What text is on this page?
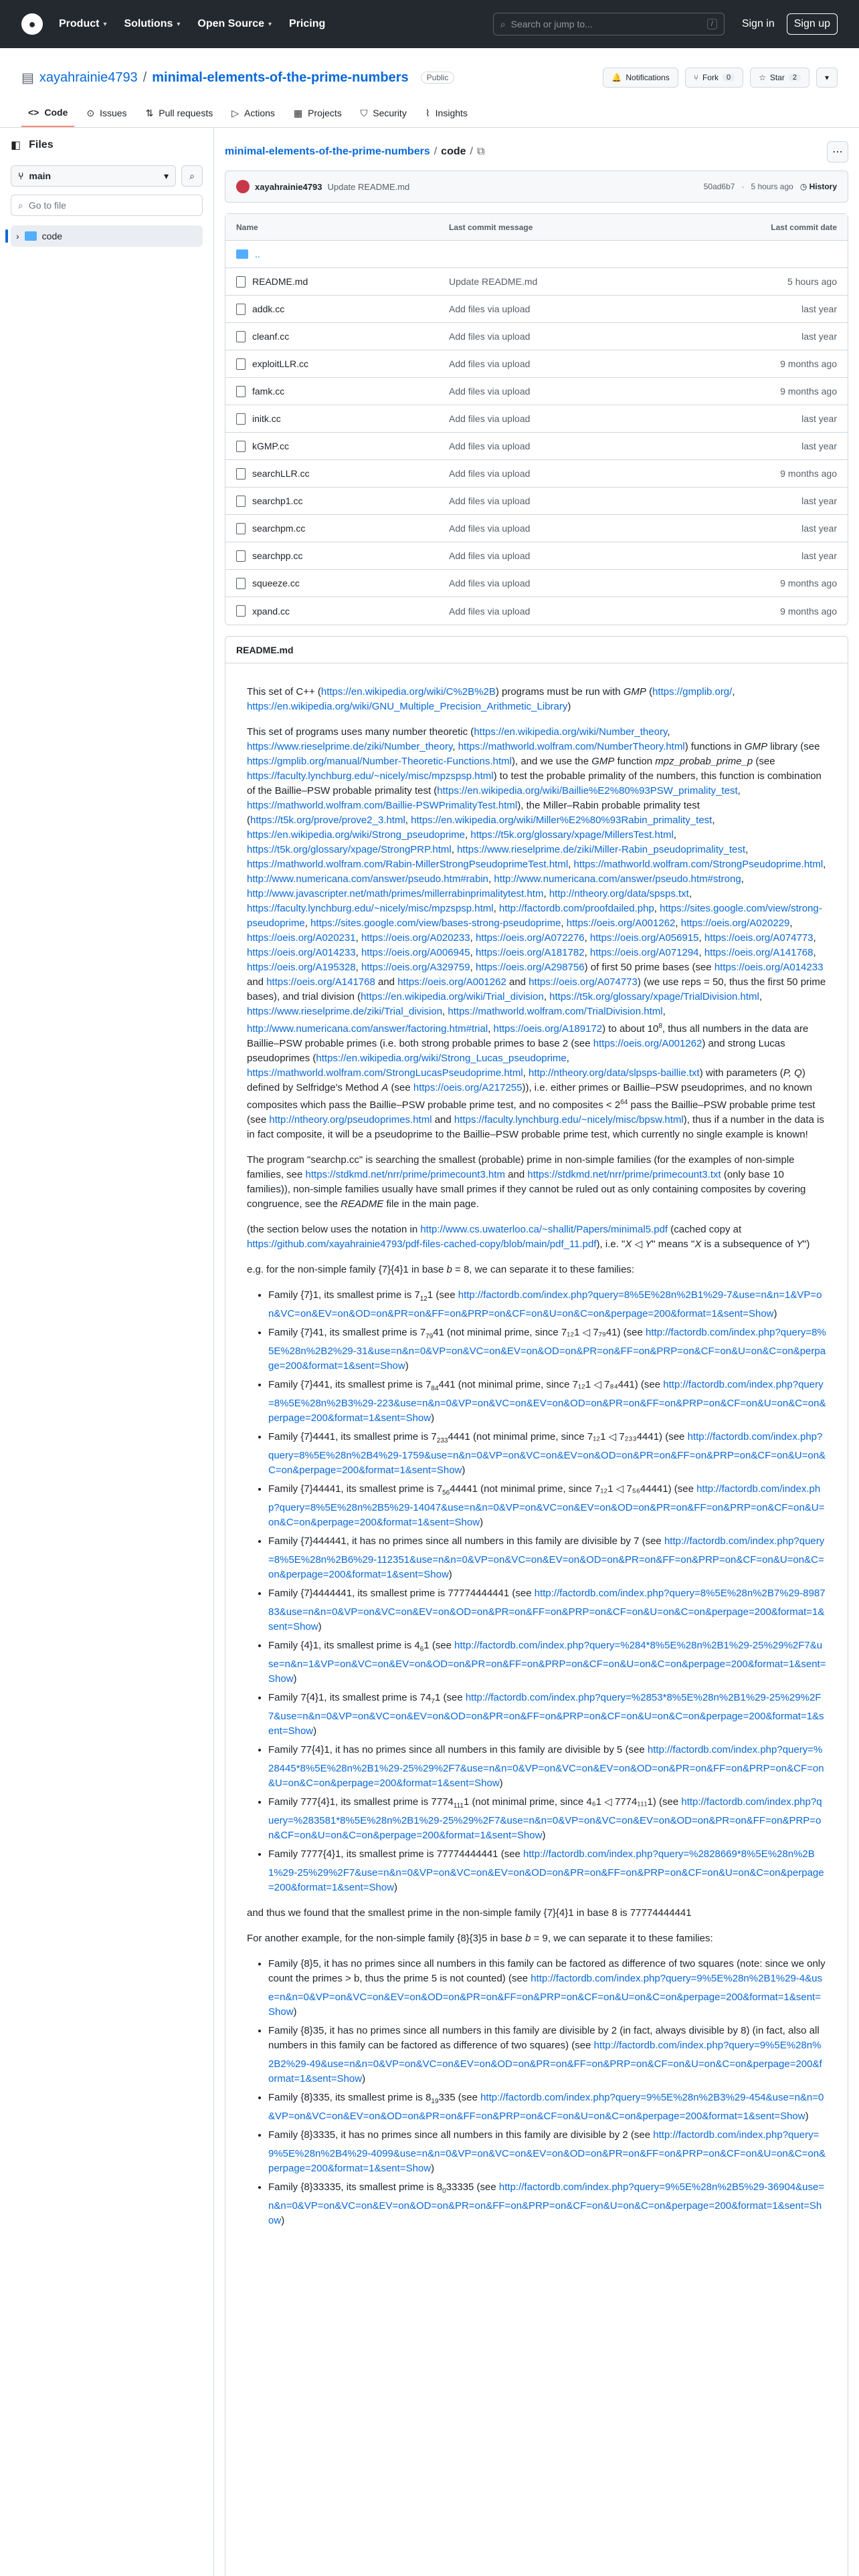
●	Product ▾ Solutions ▾ Open Source ▾ Pricing	⌕ Search or jump to...	/	Sign in	Sign up
▤ xayahrainie4793 / minimal-elements-of-the-prime-numbers	Public	🔔 Notifications	⑂ Fork	0	☆ Star	2	▾
<> Code ⊙ Issues ⇅ Pull requests ▷ Actions ▦ Projects ⛉ Security ⌇ Insights
◧ Files
⑂ main	▾ ⌕
⌕ Go to file
› code
minimal-elements-of-the-prime-numbers / code / ⧉	⋯
xayahrainie4793 Update README.md	50ad6b7 · 5 hours ago ◷ History
Name	Last commit message	Last commit date

..		

README.md	Update README.md	5 hours ago

addk.cc	Add files via upload	last year

cleanf.cc	Add files via upload	last year

exploitLLR.cc	Add files via upload	9 months ago

famk.cc	Add files via upload	9 months ago

initk.cc	Add files via upload	last year

kGMP.cc	Add files via upload	last year

searchLLR.cc	Add files via upload	9 months ago

searchp1.cc	Add files via upload	last year

searchpm.cc	Add files via upload	last year

searchpp.cc	Add files via upload	last year

squeeze.cc	Add files via upload	9 months ago

xpand.cc	Add files via upload	9 months ago
README.md

This set of C++ (https://en.wikipedia.org/wiki/C%2B%2B) programs must be run with GMP (https://gmplib.org/, https://en.wikipedia.org/wiki/GNU_Multiple_Precision_Arithmetic_Library)

This set of programs uses many number theoretic (https://en.wikipedia.org/wiki/Number_theory, https://www.rieselprime.de/ziki/Number_theory, https://mathworld.wolfram.com/NumberTheory.html) functions in GMP library (see https://gmplib.org/manual/Number-Theoretic-Functions.html), and we use the GMP function mpz_probab_prime_p (see https://faculty.lynchburg.edu/~nicely/misc/mpzspsp.html) to test the probable primality of the numbers, this function is combination of the Baillie–PSW probable primality test (https://en.wikipedia.org/wiki/Baillie%E2%80%93PSW_primality_test, https://mathworld.wolfram.com/Baillie-PSWPrimalityTest.html), the Miller–Rabin probable primality test (https://t5k.org/prove/prove2_3.html, https://en.wikipedia.org/wiki/Miller%E2%80%93Rabin_primality_test, https://en.wikipedia.org/wiki/Strong_pseudoprime, https://t5k.org/glossary/xpage/MillersTest.html, https://t5k.org/glossary/xpage/StrongPRP.html, https://www.rieselprime.de/ziki/Miller-Rabin_pseudoprimality_test, https://mathworld.wolfram.com/Rabin-MillerStrongPseudoprimeTest.html, https://mathworld.wolfram.com/StrongPseudoprime.html, http://www.numericana.com/answer/pseudo.htm#rabin, http://www.numericana.com/answer/pseudo.htm#strong, http://www.javascripter.net/math/primes/millerrabinprimalitytest.htm, http://ntheory.org/data/spsps.txt, https://faculty.lynchburg.edu/~nicely/misc/mpzspsp.html, http://factordb.com/proofdailed.php, https://sites.google.com/view/strong-pseudoprime, https://sites.google.com/view/bases-strong-pseudoprime, https://oeis.org/A001262, https://oeis.org/A020229, https://oeis.org/A020231, https://oeis.org/A020233, https://oeis.org/A072276, https://oeis.org/A056915, https://oeis.org/A074773, https://oeis.org/A014233, https://oeis.org/A006945, https://oeis.org/A181782, https://oeis.org/A071294, https://oeis.org/A141768, https://oeis.org/A195328, https://oeis.org/A329759, https://oeis.org/A298756) of first 50 prime bases (see https://oeis.org/A014233 and https://oeis.org/A141768 and https://oeis.org/A001262 and https://oeis.org/A074773) (we use reps = 50, thus the first 50 prime bases), and trial division (https://en.wikipedia.org/wiki/Trial_division, https://t5k.org/glossary/xpage/TrialDivision.html, https://www.rieselprime.de/ziki/Trial_division, https://mathworld.wolfram.com/TrialDivision.html, http://www.numericana.com/answer/factoring.htm#trial, https://oeis.org/A189172) to about $10^8$, thus all numbers in the data are Baillie–PSW probable primes (i.e. both strong probable primes to base 2 (see https://oeis.org/A001262) and strong Lucas pseudoprimes (https://en.wikipedia.org/wiki/Strong_Lucas_pseudoprime, https://mathworld.wolfram.com/StrongLucasPseudoprime.html, http://ntheory.org/data/slpsps-baillie.txt) with parameters (P, Q) defined by Selfridge's Method A (see https://oeis.org/A217255)), i.e. either primes or Baillie–PSW pseudoprimes, and no known composites which pass the Baillie–PSW probable prime test, and no composites < $2^{64}$ pass the Baillie–PSW probable prime test (see http://ntheory.org/pseudoprimes.html and https://faculty.lynchburg.edu/~nicely/misc/bpsw.html), thus if a number in the data is in fact composite, it will be a pseudoprime to the Baillie–PSW probable prime test, which currently no single example is known!

The program "searchp.cc" is searching the smallest (probable) prime in non-simple families (for the examples of non-simple families, see https://stdkmd.net/nrr/prime/primecount3.htm and https://stdkmd.net/nrr/prime/primecount3.txt (only base 10 families)), non-simple families usually have small primes if they cannot be ruled out as only containing composites by covering congruence, see the README file in the main page.

(the section below uses the notation in http://www.cs.uwaterloo.ca/~shallit/Papers/minimal5.pdf (cached copy at https://github.com/xayahrainie4793/pdf-files-cached-copy/blob/main/pdf_11.pdf), i.e. "X ◁ Y" means "X is a subsequence of Y")

e.g. for the non-simple family {7}{4}1 in base b = 8, we can separate it to these families:

• Family {7}1, its smallest prime is $7_{12}1$ (see http://factordb.com/index.php?query=8%5E%28n%2B1%29-7&use=n&n=1&VP=on&VC=on&EV=on&OD=on&PR=on&FF=on&PRP=on&CF=on&U=on&C=on&perpage=200&format=1&sent=Show)
• Family {7}41, its smallest prime is $7_{79}41$ (not minimal prime, since 7₁₂1 ◁ 7₇₉41) (see http://factordb.com/index.php?query=8%5E%28n%2B2%29-31&use=n&n=0&VP=on&VC=on&EV=on&OD=on&PR=on&FF=on&PRP=on&CF=on&U=on&C=on&perpage=200&format=1&sent=Show)
• Family {7}441, its smallest prime is $7_{84}441$ (not minimal prime, since 7₁₂1 ◁ 7₈₄441) (see http://factordb.com/index.php?query=8%5E%28n%2B3%29-223&use=n&n=0&VP=on&VC=on&EV=on&OD=on&PR=on&FF=on&PRP=on&CF=on&U=on&C=on&perpage=200&format=1&sent=Show)
• Family {7}4441, its smallest prime is $7_{233}4441$ (not minimal prime, since 7₁₂1 ◁ 7₂₃₃4441) (see http://factordb.com/index.php?query=8%5E%28n%2B4%29-1759&use=n&n=0&VP=on&VC=on&EV=on&OD=on&PR=on&FF=on&PRP=on&CF=on&U=on&C=on&perpage=200&format=1&sent=Show)
• Family {7}44441, its smallest prime is $7_{56}44441$ (not minimal prime, since 7₁₂1 ◁ 7₅₆44441) (see http://factordb.com/index.php?query=8%5E%28n%2B5%29-14047&use=n&n=0&VP=on&VC=on&EV=on&OD=on&PR=on&FF=on&PRP=on&CF=on&U=on&C=on&perpage=200&format=1&sent=Show)
• Family {7}444441, it has no primes since all numbers in this family are divisible by 7 (see http://factordb.com/index.php?query=8%5E%28n%2B6%29-112351&use=n&n=0&VP=on&VC=on&EV=on&OD=on&PR=on&FF=on&PRP=on&CF=on&U=on&C=on&perpage=200&format=1&sent=Show)
• Family {7}4444441, its smallest prime is 77774444441 (see http://factordb.com/index.php?query=8%5E%28n%2B7%29-898783&use=n&n=0&VP=on&VC=on&EV=on&OD=on&PR=on&FF=on&PRP=on&CF=on&U=on&C=on&perpage=200&format=1&sent=Show)
• Family {4}1, its smallest prime is $4_61$ (see http://factordb.com/index.php?query=%284*8%5E%28n%2B1%29-25%29%2F7&use=n&n=1&VP=on&VC=on&EV=on&OD=on&PR=on&FF=on&PRP=on&CF=on&U=on&C=on&perpage=200&format=1&sent=Show)
• Family 7{4}1, its smallest prime is $74_71$ (see http://factordb.com/index.php?query=%2853*8%5E%28n%2B1%29-25%29%2F7&use=n&n=0&VP=on&VC=on&EV=on&OD=on&PR=on&FF=on&PRP=on&CF=on&U=on&C=on&perpage=200&format=1&sent=Show)
• Family 77{4}1, it has no primes since all numbers in this family are divisible by 5 (see http://factordb.com/index.php?query=%28445*8%5E%28n%2B1%29-25%29%2F7&use=n&n=0&VP=on&VC=on&EV=on&OD=on&PR=on&FF=on&PRP=on&CF=on&U=on&C=on&perpage=200&format=1&sent=Show)
• Family 777{4}1, its smallest prime is $7774_{111}1$ (not minimal prime, since 4₆1 ◁ 7774₁₁₁1) (see http://factordb.com/index.php?query=%283581*8%5E%28n%2B1%29-25%29%2F7&use=n&n=0&VP=on&VC=on&EV=on&OD=on&PR=on&FF=on&PRP=on&CF=on&U=on&C=on&perpage=200&format=1&sent=Show)
• Family 7777{4}1, its smallest prime is 77774444441 (see http://factordb.com/index.php?query=%2828669*8%5E%28n%2B1%29-25%29%2F7&use=n&n=0&VP=on&VC=on&EV=on&OD=on&PR=on&FF=on&PRP=on&CF=on&U=on&C=on&perpage=200&format=1&sent=Show)

and thus we found that the smallest prime in the non-simple family {7}{4}1 in base 8 is 77774444441

For another example, for the non-simple family {8}{3}5 in base b = 9, we can separate it to these families:

• Family {8}5, it has no primes since all numbers in this family can be factored as difference of two squares (note: since we only count the primes > b, thus the prime 5 is not counted) (see http://factordb.com/index.php?query=9%5E%28n%2B1%29-4&use=n&n=0&VP=on&VC=on&EV=on&OD=on&PR=on&FF=on&PRP=on&CF=on&U=on&C=on&perpage=200&format=1&sent=Show)
• Family {8}35, it has no primes since all numbers in this family are divisible by 2 (in fact, always divisible by 8) (in fact, also all numbers in this family can be factored as difference of two squares) (see http://factordb.com/index.php?query=9%5E%28n%2B2%29-49&use=n&n=0&VP=on&VC=on&EV=on&OD=on&PR=on&FF=on&PRP=on&CF=on&U=on&C=on&perpage=200&format=1&sent=Show)
• Family {8}335, its smallest prime is $8_{19}335$ (see http://factordb.com/index.php?query=9%5E%28n%2B3%29-454&use=n&n=0&VP=on&VC=on&EV=on&OD=on&PR=on&FF=on&PRP=on&CF=on&U=on&C=on&perpage=200&format=1&sent=Show)
• Family {8}3335, it has no primes since all numbers in this family are divisible by 2 (see http://factordb.com/index.php?query=9%5E%28n%2B4%29-4099&use=n&n=0&VP=on&VC=on&EV=on&OD=on&PR=on&FF=on&PRP=on&CF=on&U=on&C=on&perpage=200&format=1&sent=Show)
• Family {8}33335, its smallest prime is $8_033335$ (see http://factordb.com/index.php?query=9%5E%28n%2B5%29-36904&use=n&n=0&VP=on&VC=on&EV=on&OD=on&PR=on&FF=on&PRP=on&CF=on&U=on&C=on&perpage=200&format=1&sent=Show)
